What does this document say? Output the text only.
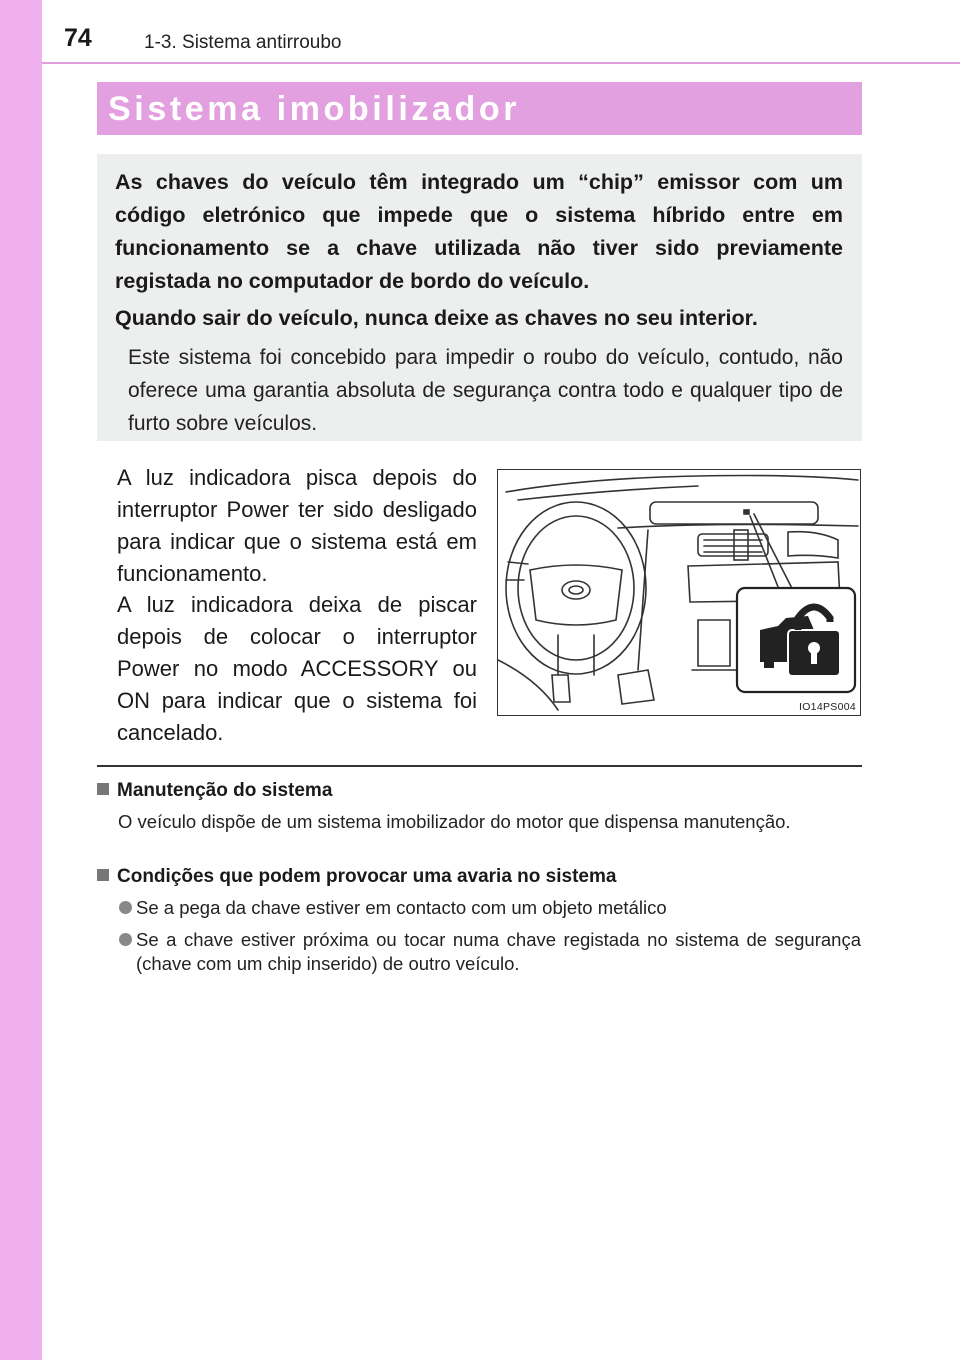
74	1-3. Sistema antirroubo
Sistema imobilizador
As chaves do veículo têm integrado um “chip” emissor com um código eletrónico que impede que o sistema híbrido entre em funcionamento se a chave utilizada não tiver sido previamente registada no computador de bordo do veículo.
Quando sair do veículo, nunca deixe as chaves no seu interior.
Este sistema foi concebido para impedir o roubo do veículo, contudo, não oferece uma garantia absoluta de segurança contra todo e qualquer tipo de furto sobre veículos.
A luz indicadora pisca depois do interruptor Power ter sido desligado para indicar que o sistema está em funcionamento.
A luz indicadora deixa de piscar depois de colocar o interruptor Power no modo ACCESSORY ou ON para indicar que o sistema foi cancelado.
IO14PS004
Manutenção do sistema
O veículo dispõe de um sistema imobilizador do motor que dispensa manutenção.
Condições que podem provocar uma avaria no sistema
Se a pega da chave estiver em contacto com um objeto metálico
Se a chave estiver próxima ou tocar numa chave registada no sistema de segurança (chave com um chip inserido) de outro veículo.
